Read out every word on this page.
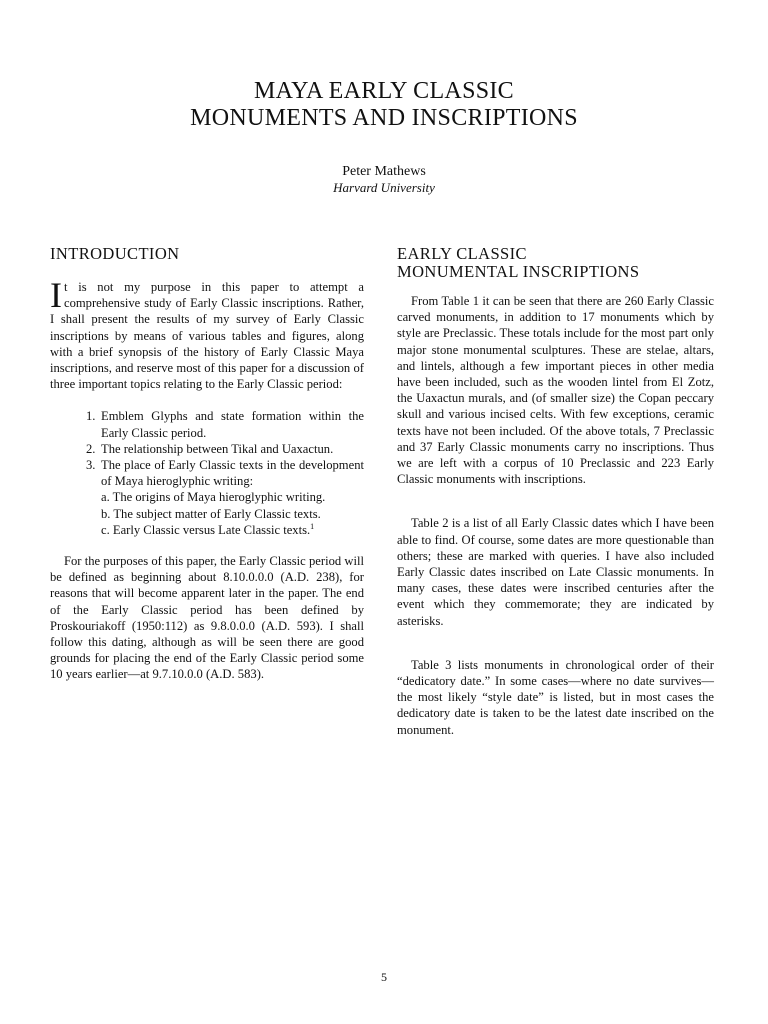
MAYA EARLY CLASSIC
MONUMENTS AND INSCRIPTIONS
Peter Mathews
Harvard University
INTRODUCTION

It is not my purpose in this paper to attempt a comprehensive study of Early Classic inscriptions. Rather, I shall present the results of my survey of Early Classic inscriptions by means of various tables and figures, along with a brief synopsis of the history of Early Classic Maya inscriptions, and reserve most of this paper for a discussion of three important topics relating to the Early Classic period:

1. Emblem Glyphs and state formation within the Early Classic period.
2. The relationship between Tikal and Uaxactun.
3. The place of Early Classic texts in the development of Maya hieroglyphic writing:
a. The origins of Maya hieroglyphic writing.
b. The subject matter of Early Classic texts.
c. Early Classic versus Late Classic texts.$^1$

For the purposes of this paper, the Early Classic period will be defined as beginning about 8.10.0.0.0 (A.D. 238), for reasons that will become apparent later in the paper. The end of the Early Classic period has been defined by Proskouriakoff (1950:112) as 9.8.0.0.0 (A.D. 593). I shall follow this dating, although as will be seen there are good grounds for placing the end of the Early Classic period some 10 years earlier—at 9.7.10.0.0 (A.D. 583).

EARLY CLASSIC
MONUMENTAL INSCRIPTIONS

From Table 1 it can be seen that there are 260 Early Classic carved monuments, in addition to 17 monuments which by style are Preclassic. These totals include for the most part only major stone monumental sculptures. These are stelae, altars, and lintels, although a few important pieces in other media have been included, such as the wooden lintel from El Zotz, the Uaxactun murals, and (of smaller size) the Copan peccary skull and various incised celts. With few exceptions, ceramic texts have not been included. Of the above totals, 7 Preclassic and 37 Early Classic monuments carry no inscriptions. Thus we are left with a corpus of 10 Preclassic and 223 Early Classic monuments with inscriptions.

Table 2 is a list of all Early Classic dates which I have been able to find. Of course, some dates are more questionable than others; these are marked with queries. I have also included Early Classic dates inscribed on Late Classic monuments. In many cases, these dates were inscribed centuries after the event which they commemorate; they are indicated by asterisks.

Table 3 lists monuments in chronological order of their “dedicatory date.” In some cases—where no date survives—the most likely “style date” is listed, but in most cases the dedicatory date is taken to be the latest date inscribed on the monument.

5
